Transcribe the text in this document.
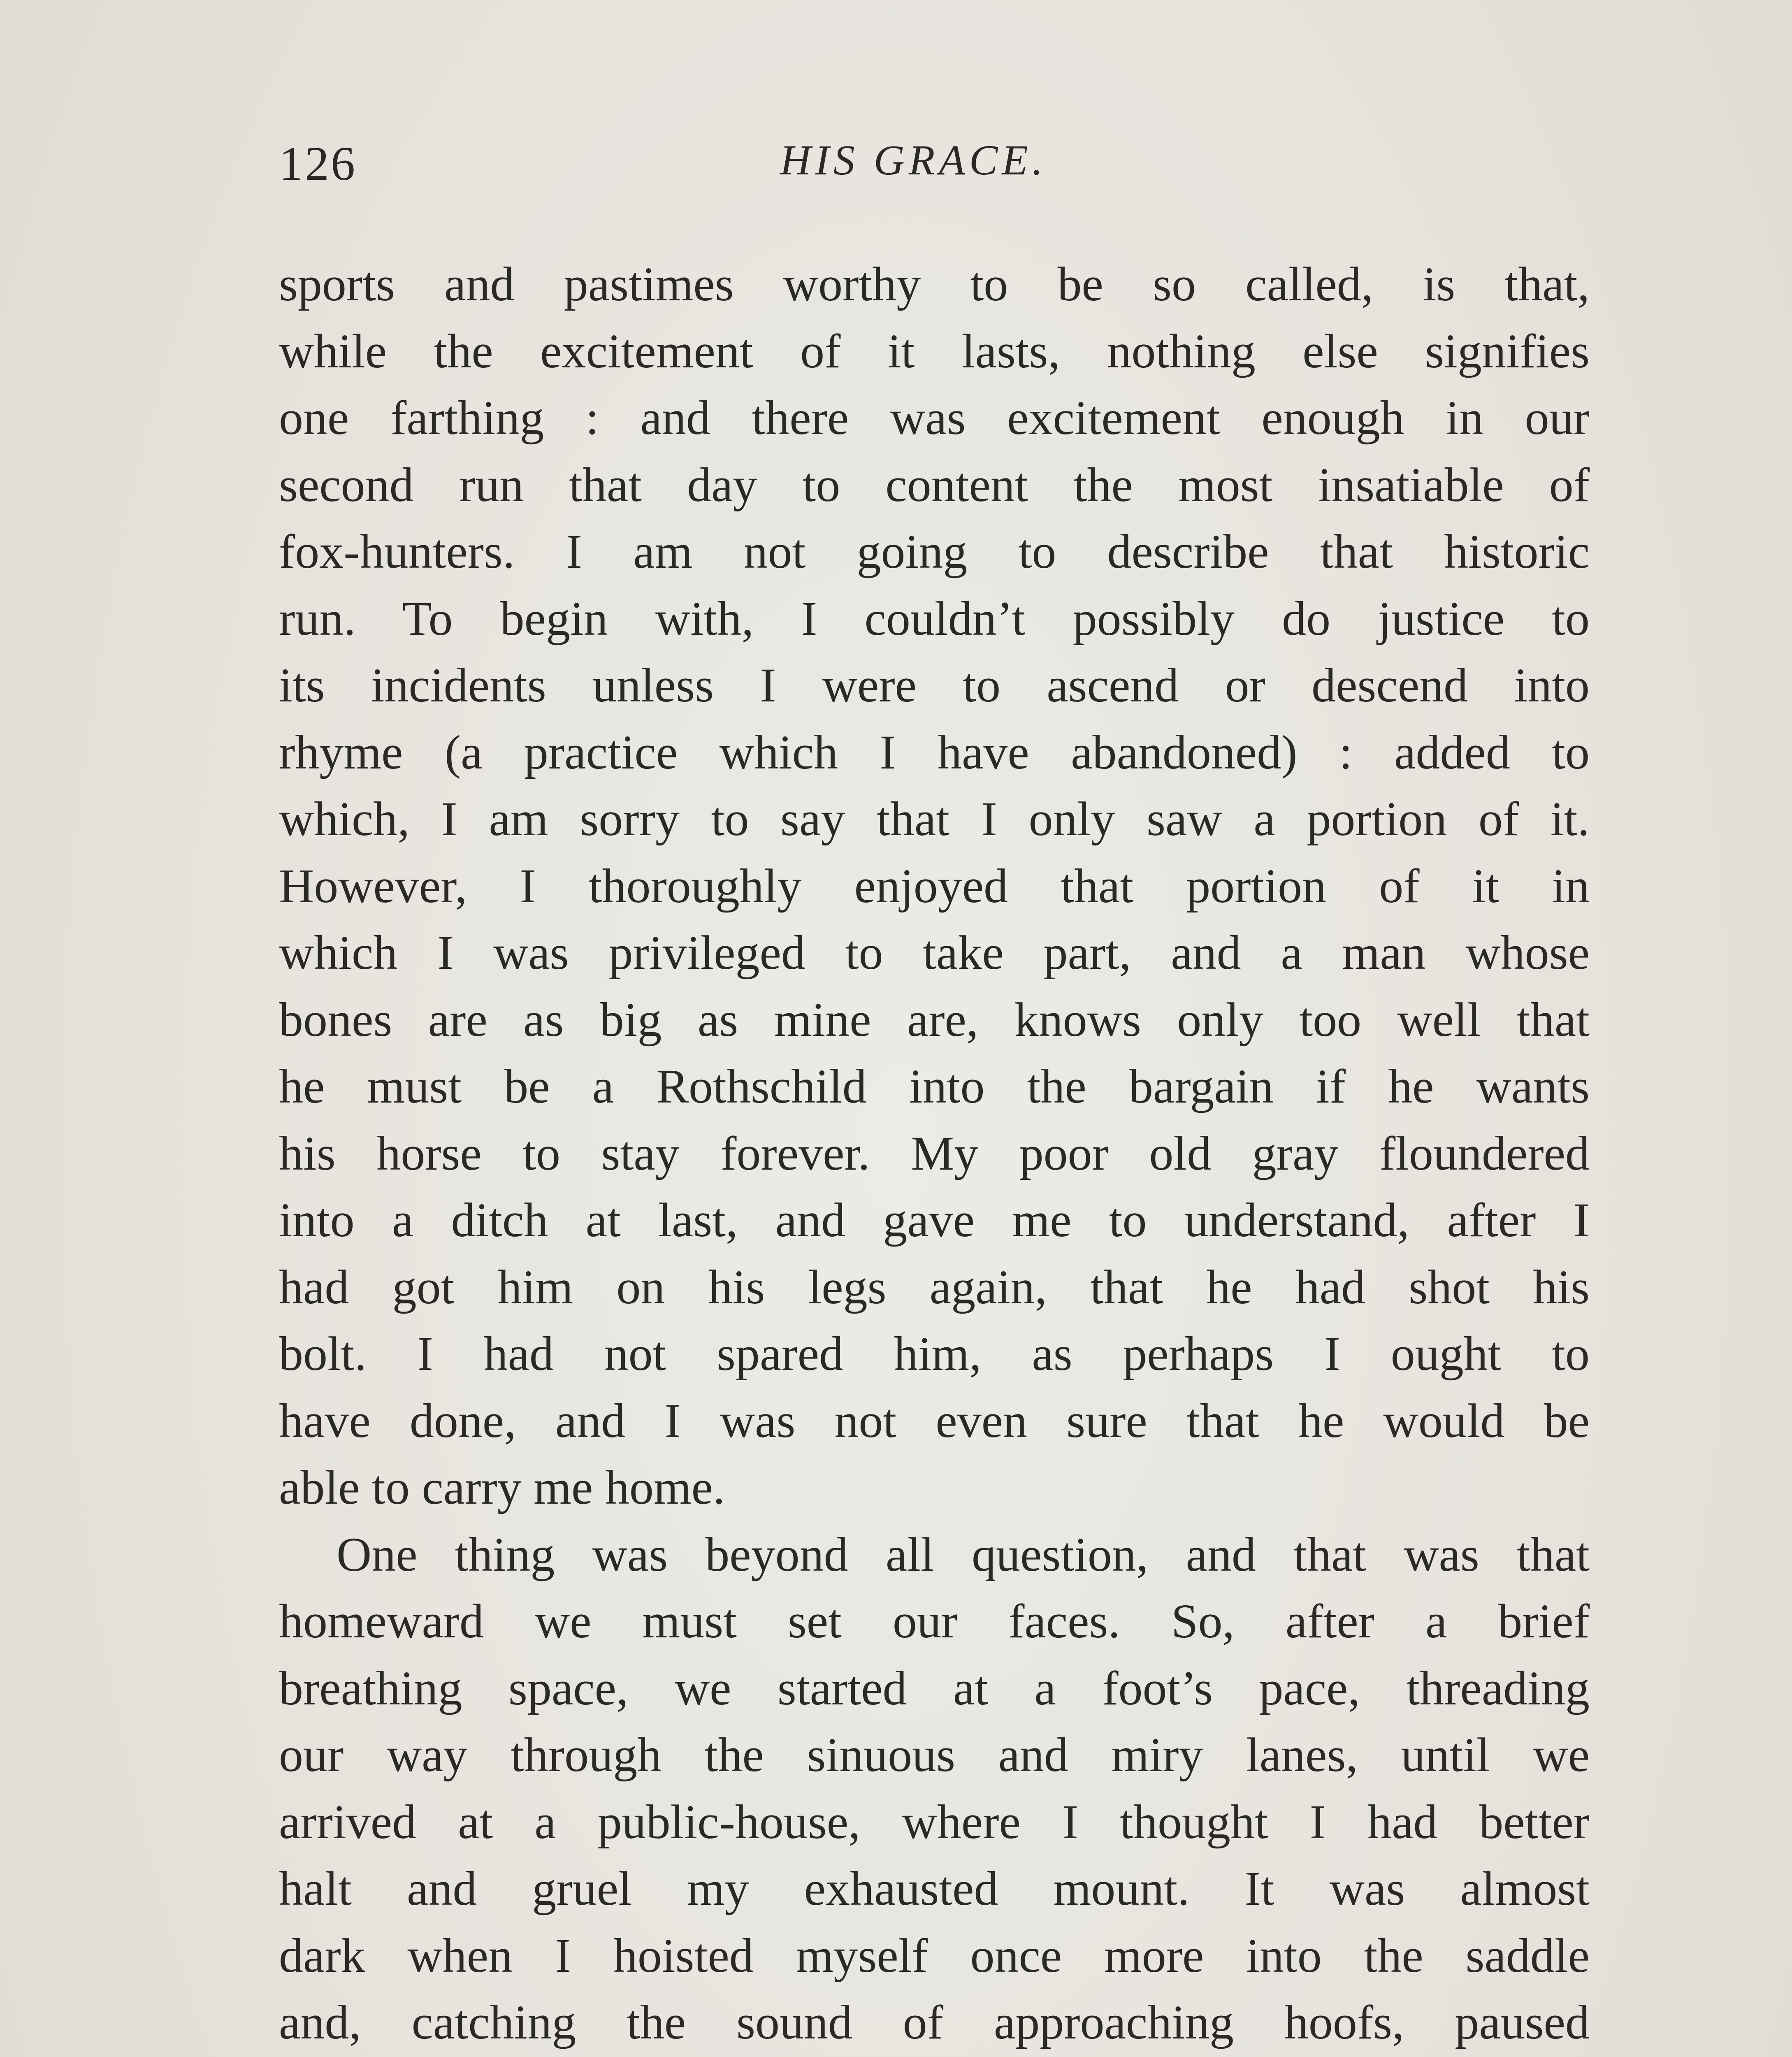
126	HIS GRACE.
sports and pastimes worthy to be so called, is that,
while the excitement of it lasts, nothing else signifies
one farthing : and there was excitement enough in our
second run that day to content the most insatiable of
fox-hunters. I am not going to describe that historic
run. To begin with, I couldn’t possibly do justice to
its incidents unless I were to ascend or descend into
rhyme (a practice which I have abandoned) : added to
which, I am sorry to say that I only saw a portion of it.
However, I thoroughly enjoyed that portion of it in
which I was privileged to take part, and a man whose
bones are as big as mine are, knows only too well that
he must be a Rothschild into the bargain if he wants
his horse to stay forever. My poor old gray floundered
into a ditch at last, and gave me to understand, after I
had got him on his legs again, that he had shot his
bolt. I had not spared him, as perhaps I ought to
have done, and I was not even sure that he would be
able to carry me home.
One thing was beyond all question, and that was that
homeward we must set our faces. So, after a brief
breathing space, we started at a foot’s pace, threading
our way through the sinuous and miry lanes, until we
arrived at a public-house, where I thought I had better
halt and gruel my exhausted mount. It was almost
dark when I hoisted myself once more into the saddle
and, catching the sound of approaching hoofs, paused
